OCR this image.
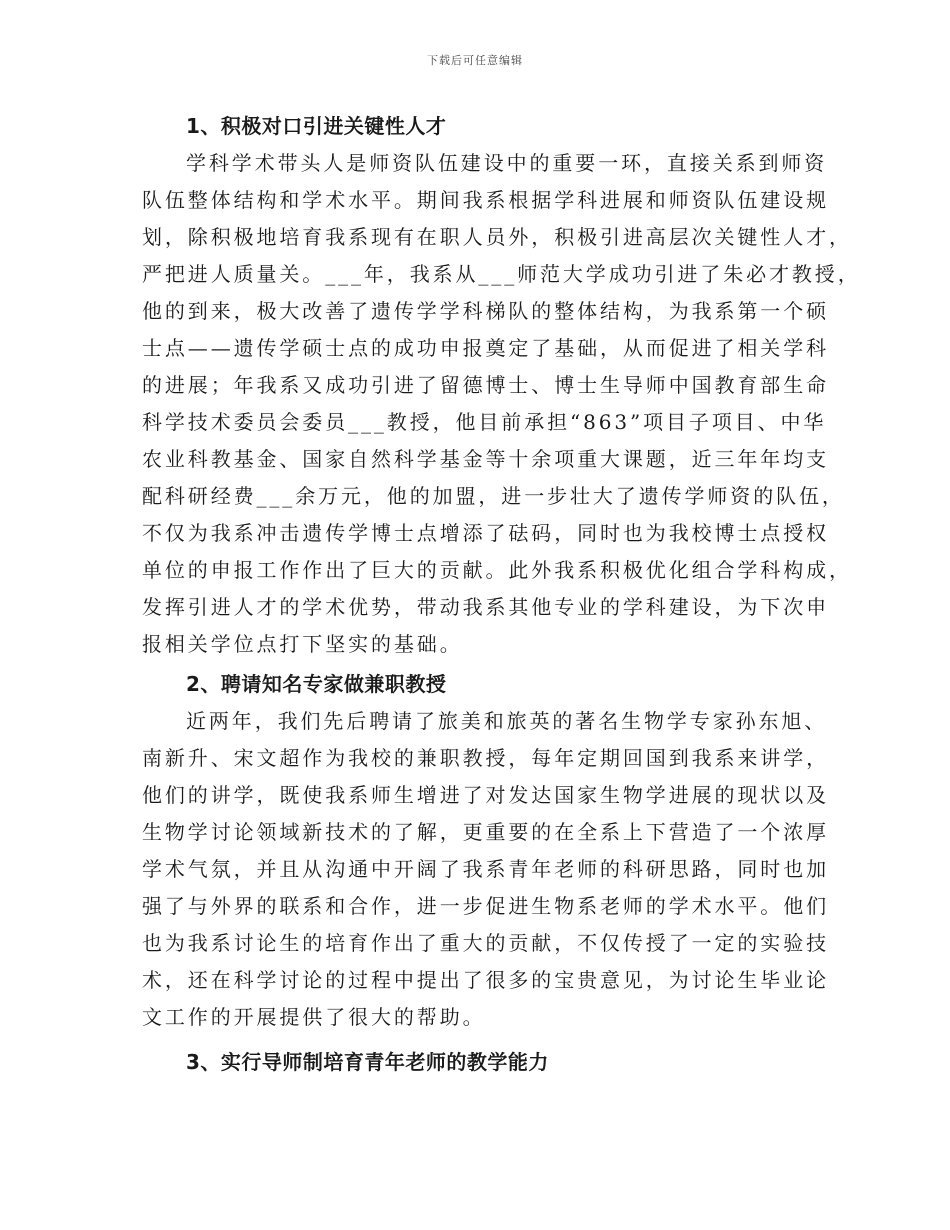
下载后可任意编辑
1、积极对口引进关键性人才
学科学术带头人是师资队伍建设中的重要一环，直接关系到师资
队伍整体结构和学术水平。期间我系根据学科进展和师资队伍建设规
划，除积极地培育我系现有在职人员外，积极引进高层次关键性人才，
严把进人质量关。___年，我系从___师范大学成功引进了朱必才教授，
他的到来，极大改善了遗传学学科梯队的整体结构，为我系第一个硕
士点——遗传学硕士点的成功申报奠定了基础，从而促进了相关学科
的进展；年我系又成功引进了留德博士、博士生导师中国教育部生命
科学技术委员会委员___教授，他目前承担“863”项目子项目、中华
农业科教基金、国家自然科学基金等十余项重大课题，近三年年均支
配科研经费___余万元，他的加盟，进一步壮大了遗传学师资的队伍，
不仅为我系冲击遗传学博士点增添了砝码，同时也为我校博士点授权
单位的申报工作作出了巨大的贡献。此外我系积极优化组合学科构成，
发挥引进人才的学术优势，带动我系其他专业的学科建设，为下次申
报相关学位点打下坚实的基础。
2、聘请知名专家做兼职教授
近两年，我们先后聘请了旅美和旅英的著名生物学专家孙东旭、
南新升、宋文超作为我校的兼职教授，每年定期回国到我系来讲学，
他们的讲学，既使我系师生增进了对发达国家生物学进展的现状以及
生物学讨论领域新技术的了解，更重要的在全系上下营造了一个浓厚
学术气氛，并且从沟通中开阔了我系青年老师的科研思路，同时也加
强了与外界的联系和合作，进一步促进生物系老师的学术水平。他们
也为我系讨论生的培育作出了重大的贡献，不仅传授了一定的实验技
术，还在科学讨论的过程中提出了很多的宝贵意见，为讨论生毕业论
文工作的开展提供了很大的帮助。
3、实行导师制培育青年老师的教学能力
